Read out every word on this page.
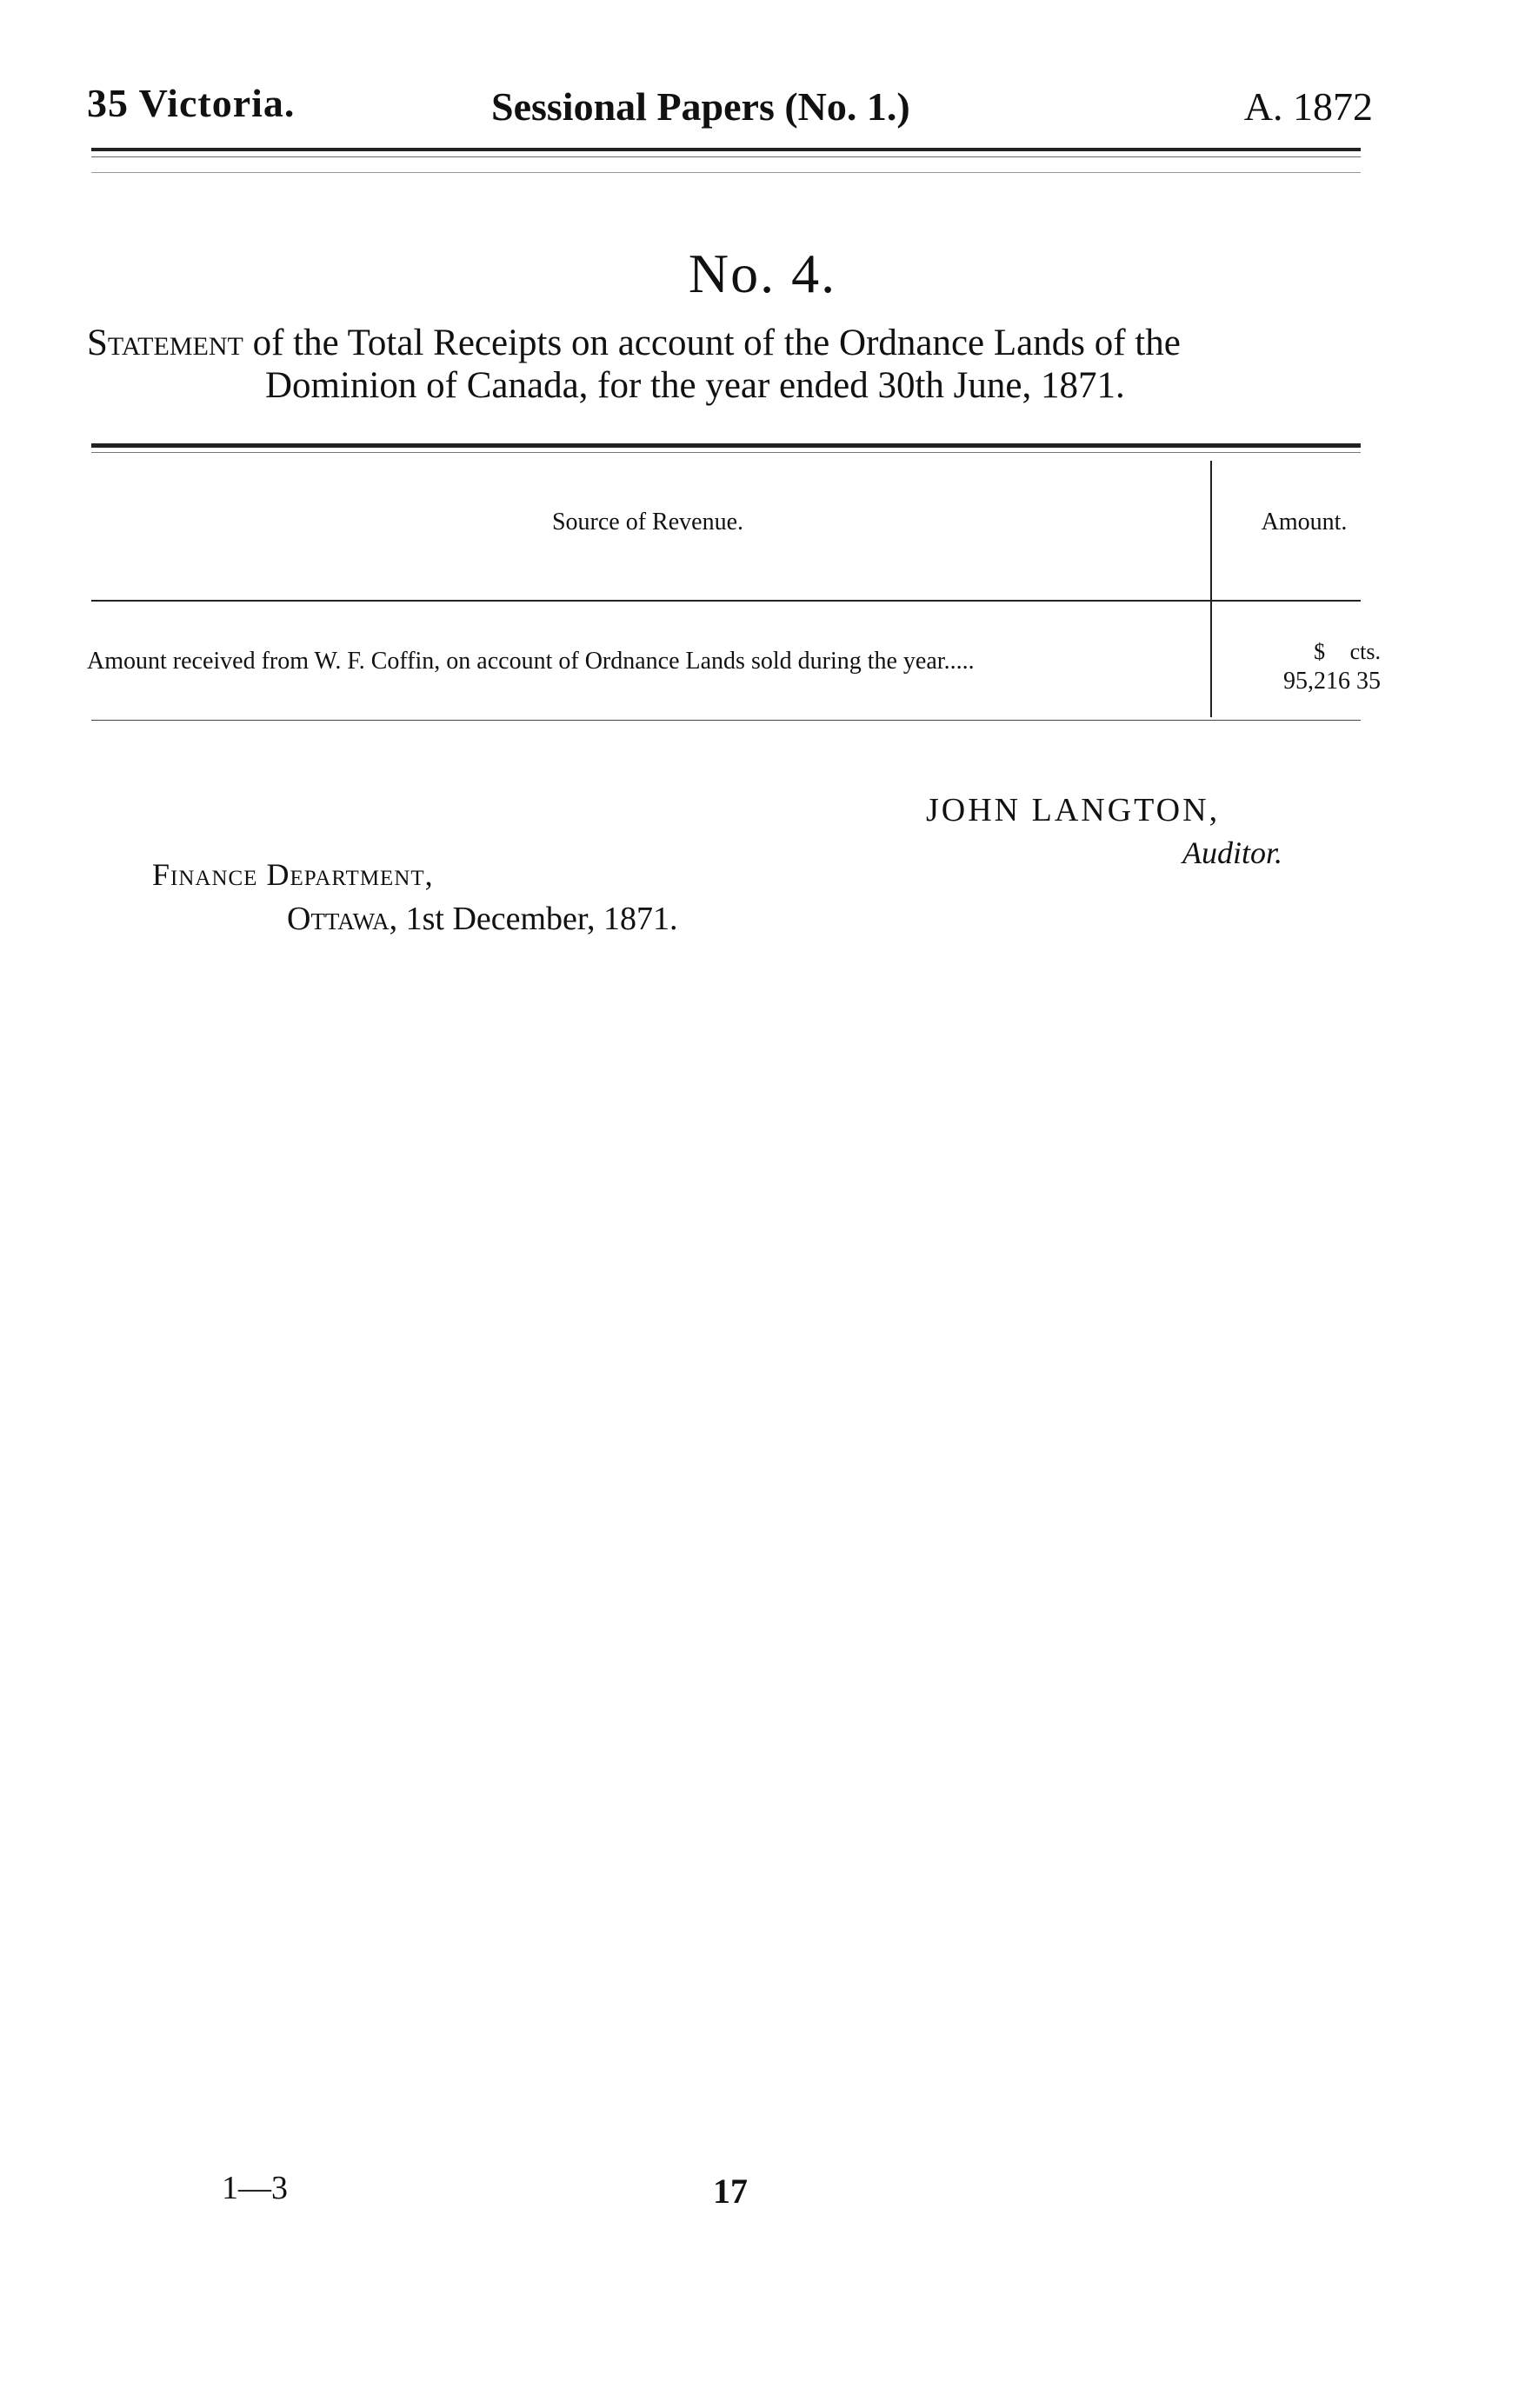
35 Victoria.	Sessional Papers (No. 1.)	A. 1872
No. 4.
Statement of the Total Receipts on account of the Ordnance Lands of the
Dominion of Canada, for the year ended 30th June, 1871.
Source of Revenue.	Amount.
Amount received from W. F. Coffin, on account of Ordnance Lands sold during the year.....	$ cts.
95,216 35
JOHN LANGTON,
Auditor.
Finance Department,
Ottawa, 1st December, 1871.
1—3	17
